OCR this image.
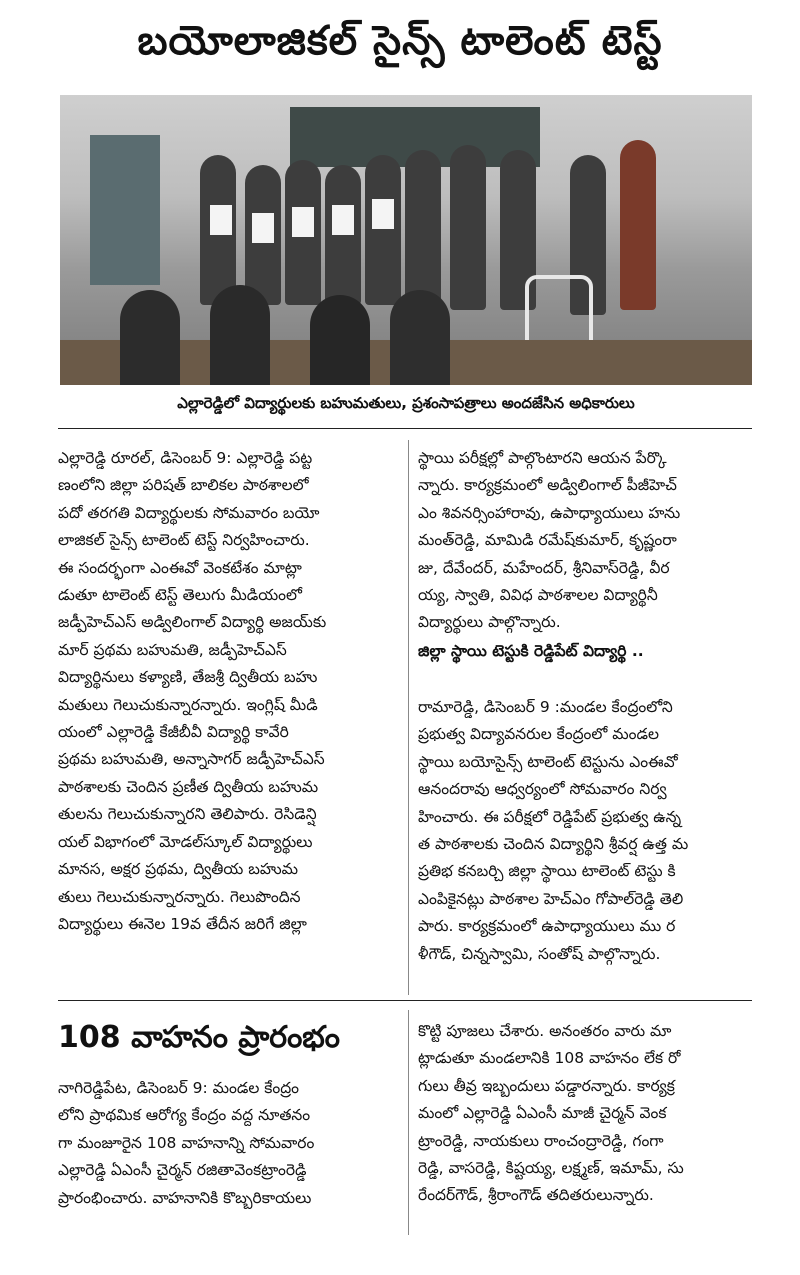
బయోలాజికల్ సైన్స్ టాలెంట్ టెస్ట్
ఎల్లారెడ్డిలో విద్యార్థులకు బహుమతులు, ప్రశంసాపత్రాలు అందజేసిన అధికారులు
ఎల్లారెడ్డి రూరల్, డిసెంబర్ 9: ఎల్లారెడ్డి పట్ట
ణంలోని జిల్లా పరిషత్ బాలికల పాఠశాలలో
పదో తరగతి విద్యార్థులకు సోమవారం బయో
లాజికల్ సైన్స్ టాలెంట్ టెస్ట్ నిర్వహించారు.
ఈ సందర్భంగా ఎంఈవో వెంకటేశం మాట్లా
డుతూ టాలెంట్ టెస్ట్ తెలుగు మీడియంలో
జడ్పీహెచ్ఎస్ అడ్విలింగాల్ విద్యార్థి అజయ్‌కు
మార్ ప్రథమ బహుమతి, జడ్పీహెచ్ఎస్
విద్యార్థినులు కళ్యాణి, తేజశ్రీ ద్వితీయ బహు
మతులు గెలుచుకున్నారన్నారు. ఇంగ్లిష్ మీడి
యంలో ఎల్లారెడ్డి కేజీబీవీ విద్యార్థి కావేరి
ప్రథమ బహుమతి, అన్నాసాగర్ జడ్పీహెచ్ఎస్
పాఠశాలకు చెందిన ప్రణీత ద్వితీయ బహుమ
తులను గెలుచుకున్నారని తెలిపారు. రెసిడెన్షి
యల్ విభాగంలో మోడల్‌స్కూల్ విద్యార్థులు
మానస, అక్షర ప్రథమ, ద్వితీయ బహుమ
తులు గెలుచుకున్నారన్నారు. గెలుపొందిన
విద్యార్థులు ఈనెల 19వ తేదీన జరిగే జిల్లా
స్థాయి పరీక్షల్లో పాల్గొంటారని ఆయన పేర్కొ
న్నారు. కార్యక్రమంలో అడ్విలింగాల్ పీజీహెచ్
ఎం శివనర్సింహారావు, ఉపాధ్యాయులు హను
మంత్‌రెడ్డి, మామిడి రమేష్‌కుమార్, కృష్ణంరా
జు, దేవేందర్, మహేందర్, శ్రీనివాస్‌రెడ్డి, వీర
య్య, స్వాతి, వివిధ పాఠశాలల విద్యార్థినీ
విద్యార్థులు పాల్గొన్నారు.
జిల్లా స్థాయి టెస్టుకి రెడ్డిపేట్ విద్యార్థి ..
రామారెడ్డి, డిసెంబర్ 9 :మండల కేంద్రంలోని
ప్రభుత్వ విద్యావనరుల కేంద్రంలో మండల
స్థాయి బయోసైన్స్ టాలెంట్ టెస్టును ఎంఈవో
ఆనందరావు ఆధ్వర్యంలో సోమవారం నిర్వ
హించారు. ఈ పరీక్షలో రెడ్డిపేట్ ప్రభుత్వ ఉన్న
త పాఠశాలకు చెందిన విద్యార్థిని శ్రీవర్ష ఉత్త మ
ప్రతిభ కనబర్చి జిల్లా స్థాయి టాలెంట్ టెస్టు కి
ఎంపికైనట్లు పాఠశాల హెచ్ఎం గోపాల్‌రెడ్డి తెలి
పారు. కార్యక్రమంలో ఉపాధ్యాయులు ము ర
ళీగౌడ్, చిన్నస్వామి, సంతోష్ పాల్గొన్నారు.
108 వాహనం ప్రారంభం
నాగిరెడ్డిపేట, డిసెంబర్ 9: మండల కేంద్రం
లోని ప్రాథమిక ఆరోగ్య కేంద్రం వద్ద నూతనం
గా మంజూరైన 108 వాహనాన్ని సోమవారం
ఎల్లారెడ్డి ఏఎంసీ చైర్మన్ రజితావెంకట్రాంరెడ్డి
ప్రారంభించారు. వాహనానికి కొబ్బరికాయలు
కొట్టి పూజలు చేశారు. అనంతరం వారు మా
ట్లాడుతూ మండలానికి 108 వాహనం లేక రో
గులు తీవ్ర ఇబ్బందులు పడ్డారన్నారు. కార్యక్ర
మంలో ఎల్లారెడ్డి ఏఎంసీ మాజీ చైర్మన్ వెంక
ట్రాంరెడ్డి, నాయకులు రాంచంద్రారెడ్డి, గంగా
రెడ్డి, వాసరెడ్డి, కిష్టయ్య, లక్ష్మణ్, ఇమామ్, సు
రేందర్‌గౌడ్, శ్రీరాంగౌడ్ తదితరులున్నారు.
